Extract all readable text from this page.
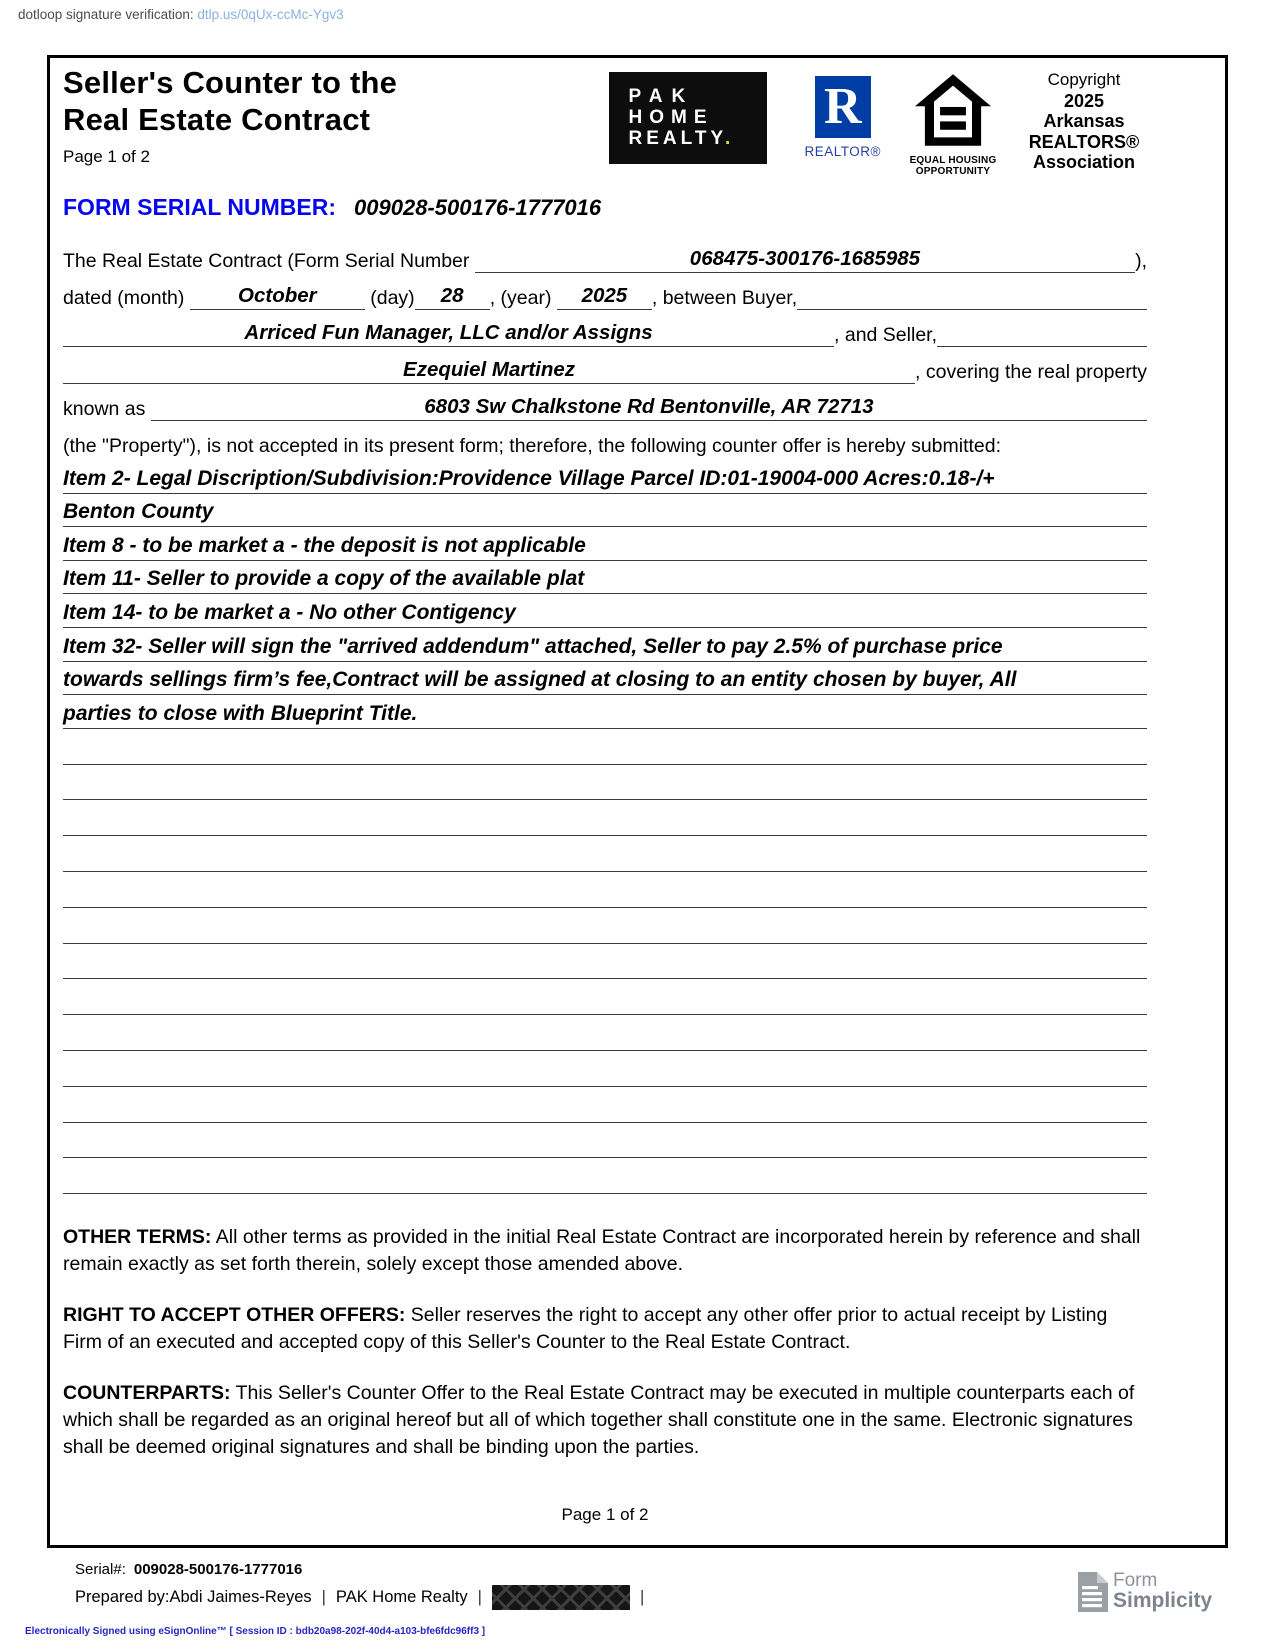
dotloop signature verification: dtlp.us/0qUx-ccMc-Ygv3
Seller's Counter to the
Real Estate Contract
Page 1 of 2
PAK
HOME
REALTY.
R
REALTOR®
EQUAL HOUSING
OPPORTUNITY
Copyright
2025
Arkansas
REALTORS®
Association
FORM SERIAL NUMBER: 009028-500176-1777016
The Real Estate Contract (Form Serial Number	068475-300176-1685985	),
dated (month)	October	(day)	28	, (year)	2025	, between Buyer,
Arriced Fun Manager, LLC and/or Assigns	, and Seller,
Ezequiel Martinez	, covering the real property
known as	6803 Sw Chalkstone Rd Bentonville, AR 72713
(the "Property"), is not accepted in its present form; therefore, the following counter offer is hereby submitted:
Item 2- Legal Discription/Subdivision:Providence Village Parcel ID:01-19004-000 Acres:0.18-/+
Benton County
Item 8 - to be market a - the deposit is not applicable
Item 11- Seller to provide a copy of the available plat
Item 14- to be market a - No other Contigency
Item 32- Seller will sign the "arrived addendum" attached, Seller to pay 2.5% of purchase price
towards sellings firm’s fee,Contract will be assigned at closing to an entity chosen by buyer, All
parties to close with Blueprint Title.
OTHER TERMS: All other terms as provided in the initial Real Estate Contract are incorporated herein by reference and shall remain exactly as set forth therein, solely except those amended above.
RIGHT TO ACCEPT OTHER OFFERS: Seller reserves the right to accept any other offer prior to actual receipt by Listing Firm of an executed and accepted copy of this Seller's Counter to the Real Estate Contract.
COUNTERPARTS: This Seller's Counter Offer to the Real Estate Contract may be executed in multiple counterparts each of which shall be regarded as an original hereof but all of which together shall constitute one in the same. Electronic signatures shall be deemed original signatures and shall be binding upon the parties.
Page 1 of 2
Serial#: 009028-500176-1777016
Prepared by: Abdi Jaimes-Reyes | PAK Home Realty |	|
Form
Simplicity
Electronically Signed using eSignOnline™ [ Session ID : bdb20a98-202f-40d4-a103-bfe6fdc96ff3 ]
